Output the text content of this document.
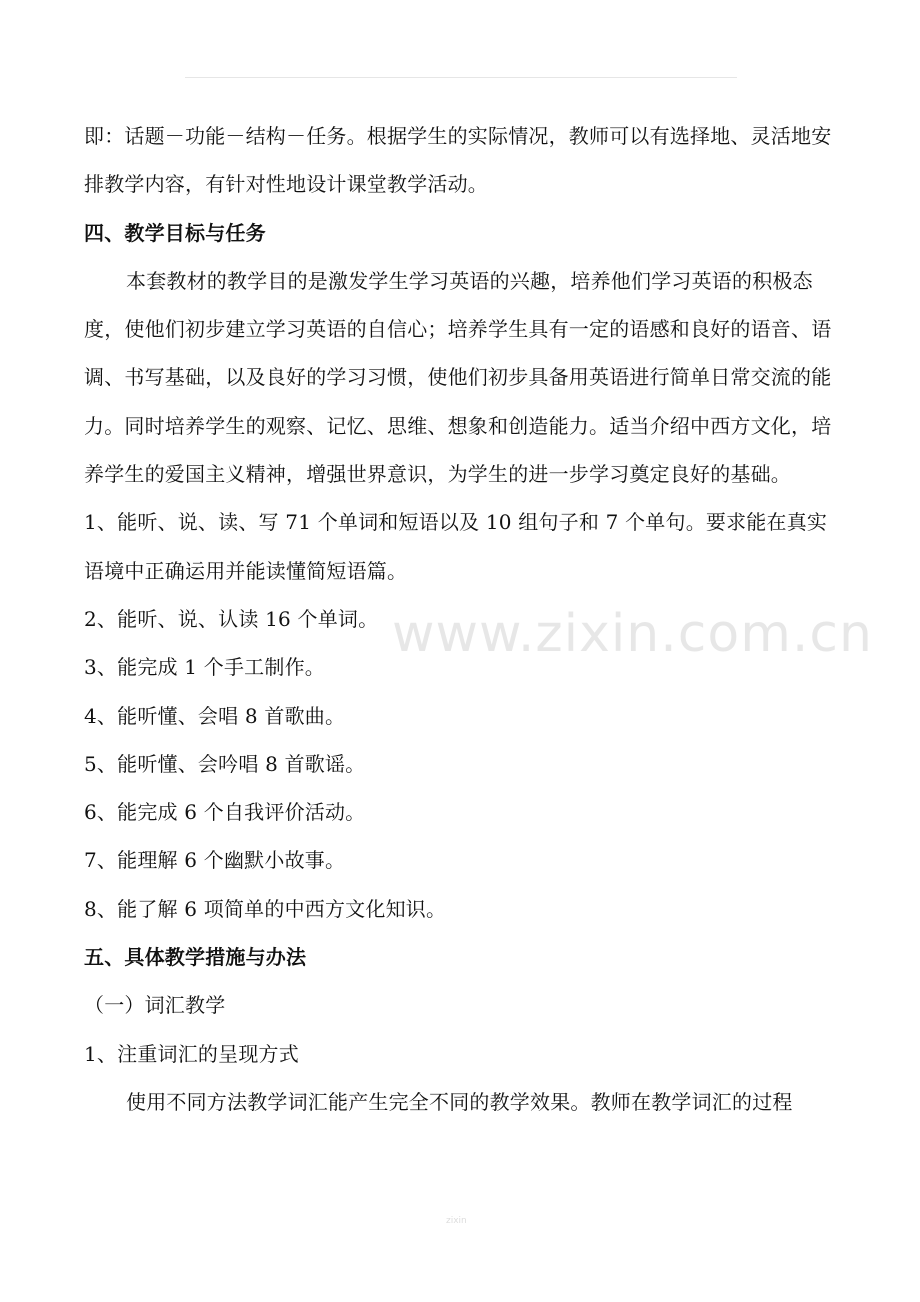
即：话题－功能－结构－任务。根据学生的实际情况，教师可以有选择地、灵活地安排教学内容，有针对性地设计课堂教学活动。

四、教学目标与任务

本套教材的教学目的是激发学生学习英语的兴趣，培养他们学习英语的积极态度，使他们初步建立学习英语的自信心；培养学生具有一定的语感和良好的语音、语调、书写基础，以及良好的学习习惯，使他们初步具备用英语进行简单日常交流的能力。同时培养学生的观察、记忆、思维、想象和创造能力。适当介绍中西方文化，培养学生的爱国主义精神，增强世界意识，为学生的进一步学习奠定良好的基础。

1、能听、说、读、写 71 个单词和短语以及 10 组句子和 7 个单句。要求能在真实语境中正确运用并能读懂简短语篇。

2、能听、说、认读 16 个单词。

3、能完成 1 个手工制作。

4、能听懂、会唱 8 首歌曲。

5、能听懂、会吟唱 8 首歌谣。

6、能完成 6 个自我评价活动。

7、能理解 6 个幽默小故事。

8、能了解 6 项简单的中西方文化知识。

五、具体教学措施与办法

（一）词汇教学

1、注重词汇的呈现方式

使用不同方法教学词汇能产生完全不同的教学效果。教师在教学词汇的过程

www.zixin.com.cn
zixin
